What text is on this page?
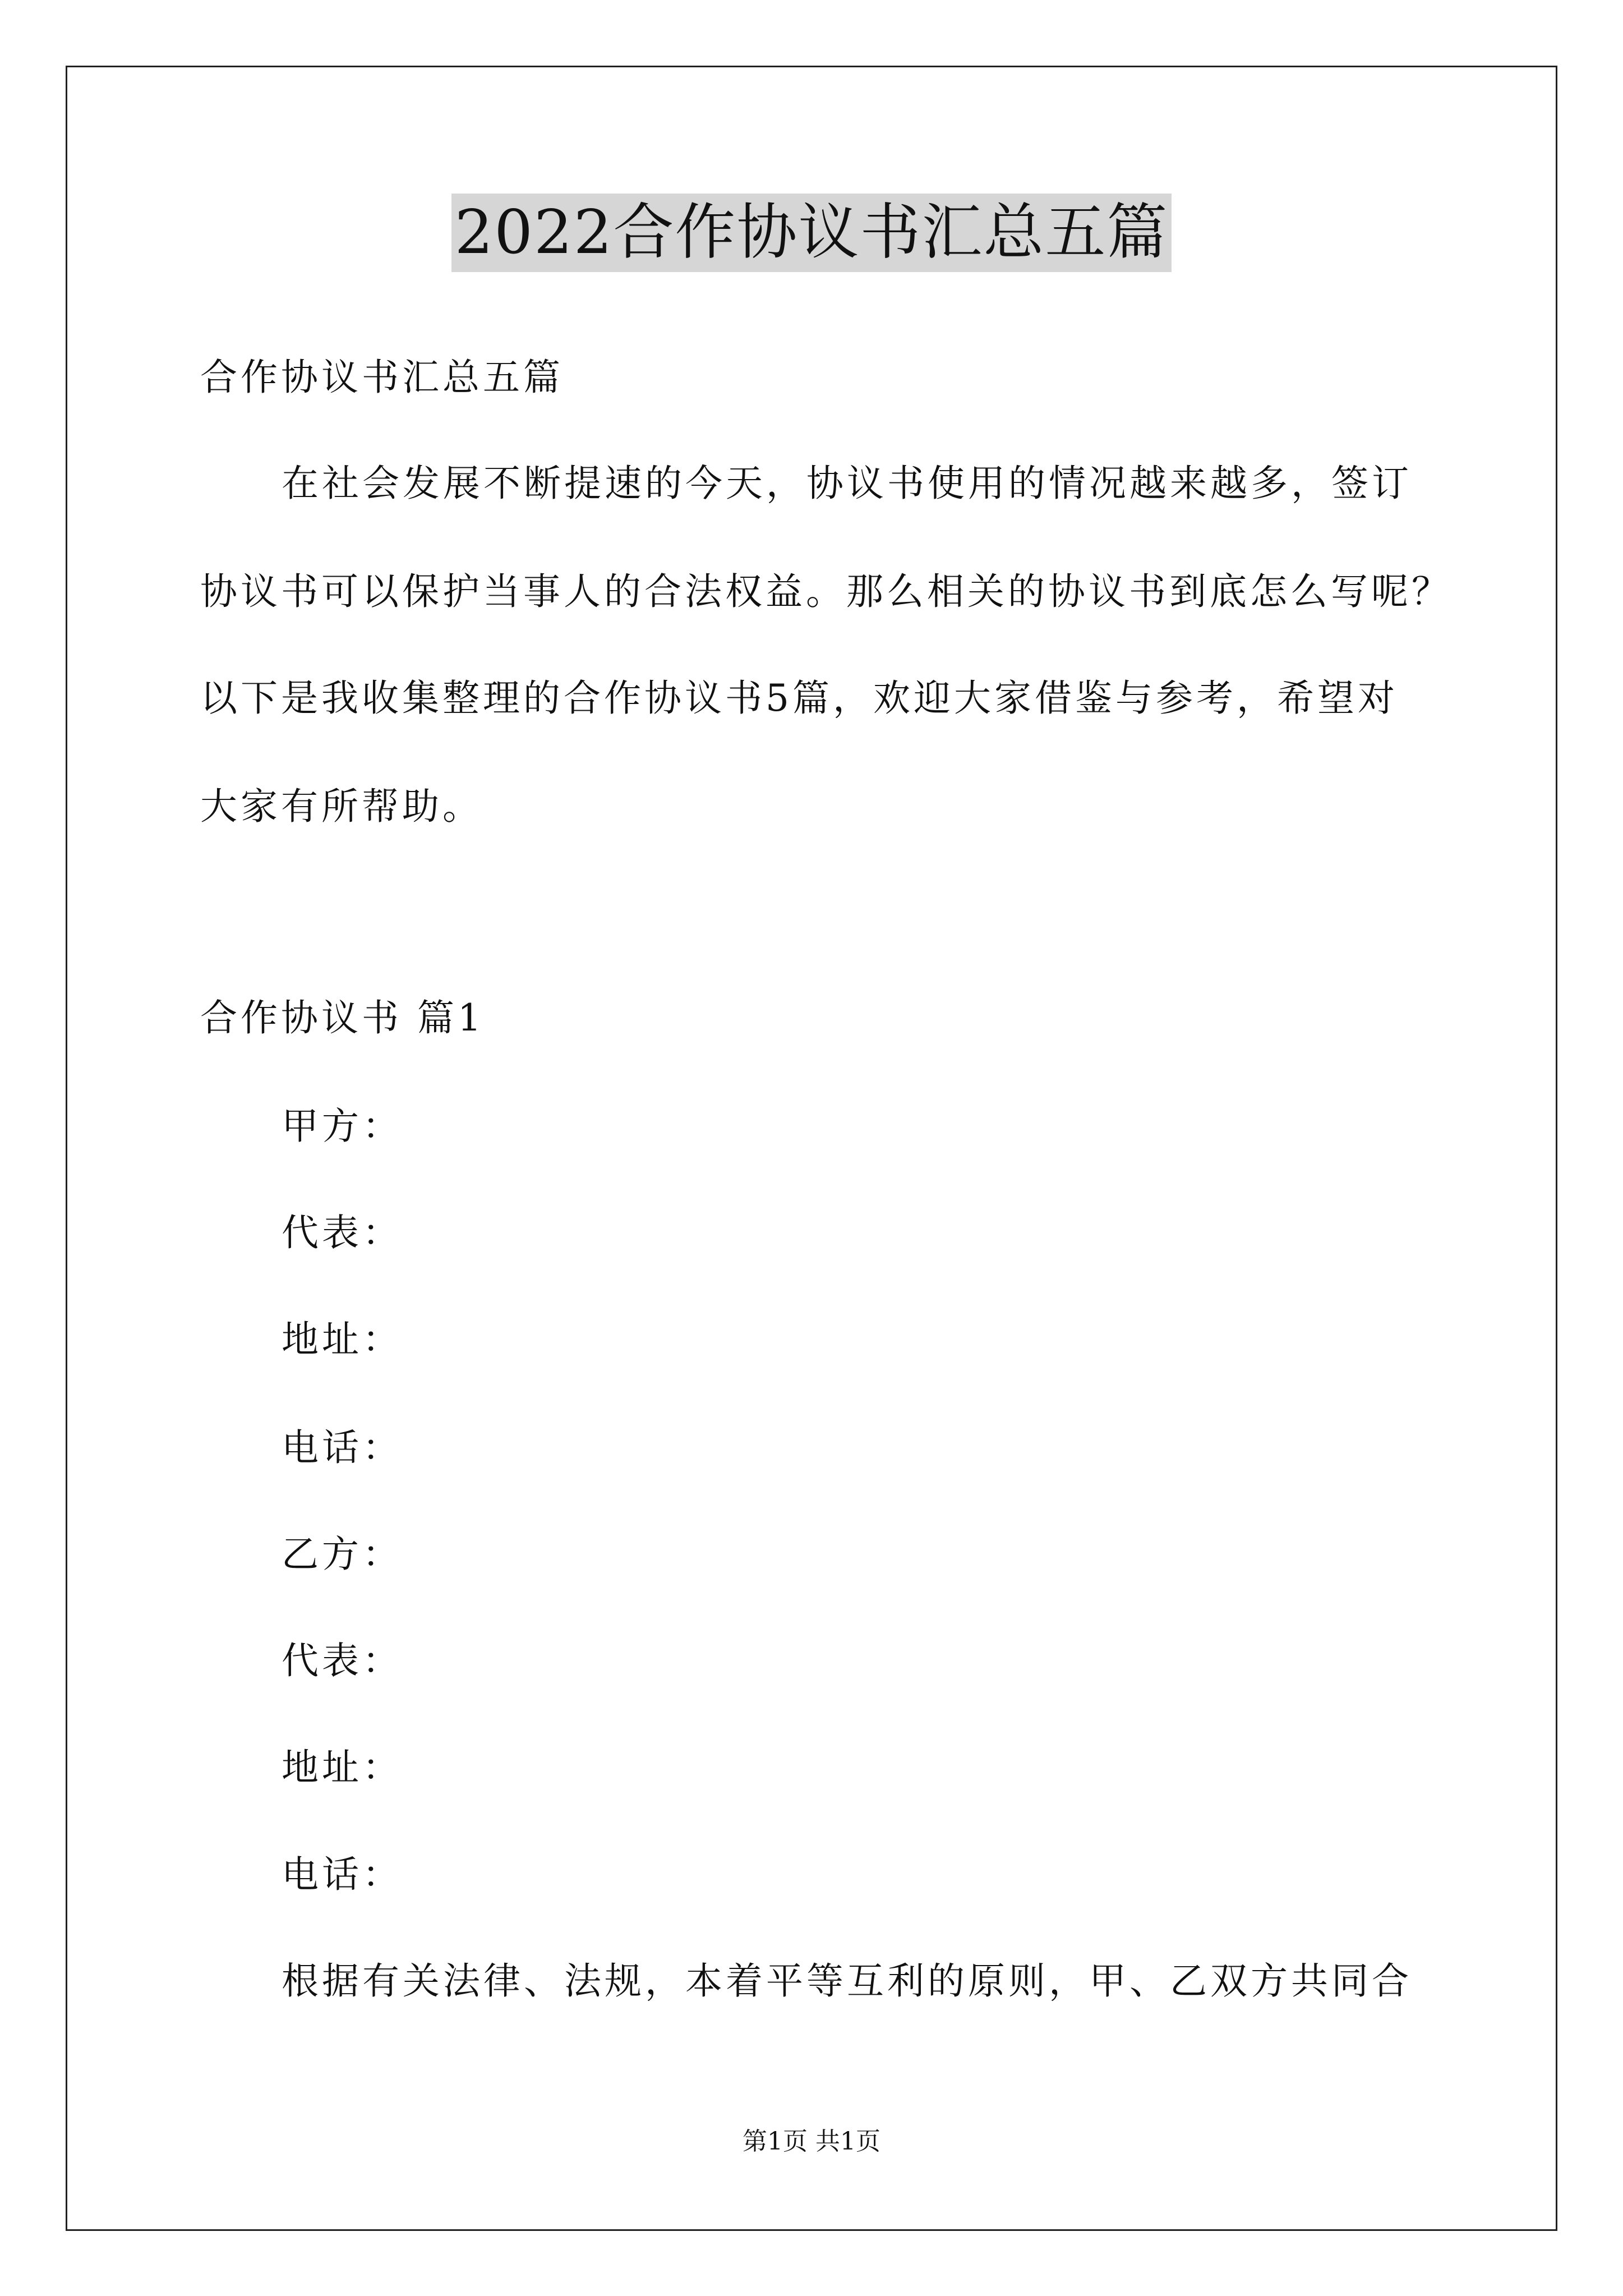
2022合作协议书汇总五篇
合作协议书汇总五篇
在社会发展不断提速的今天，协议书使用的情况越来越多，签订
协议书可以保护当事人的合法权益。那么相关的协议书到底怎么写呢？
以下是我收集整理的合作协议书5篇，欢迎大家借鉴与参考，希望对
大家有所帮助。
合作协议书 篇1
甲方：
代表：
地址：
电话：
乙方：
代表：
地址：
电话：
根据有关法律、法规，本着平等互利的原则，甲、乙双方共同合
第1页 共1页
